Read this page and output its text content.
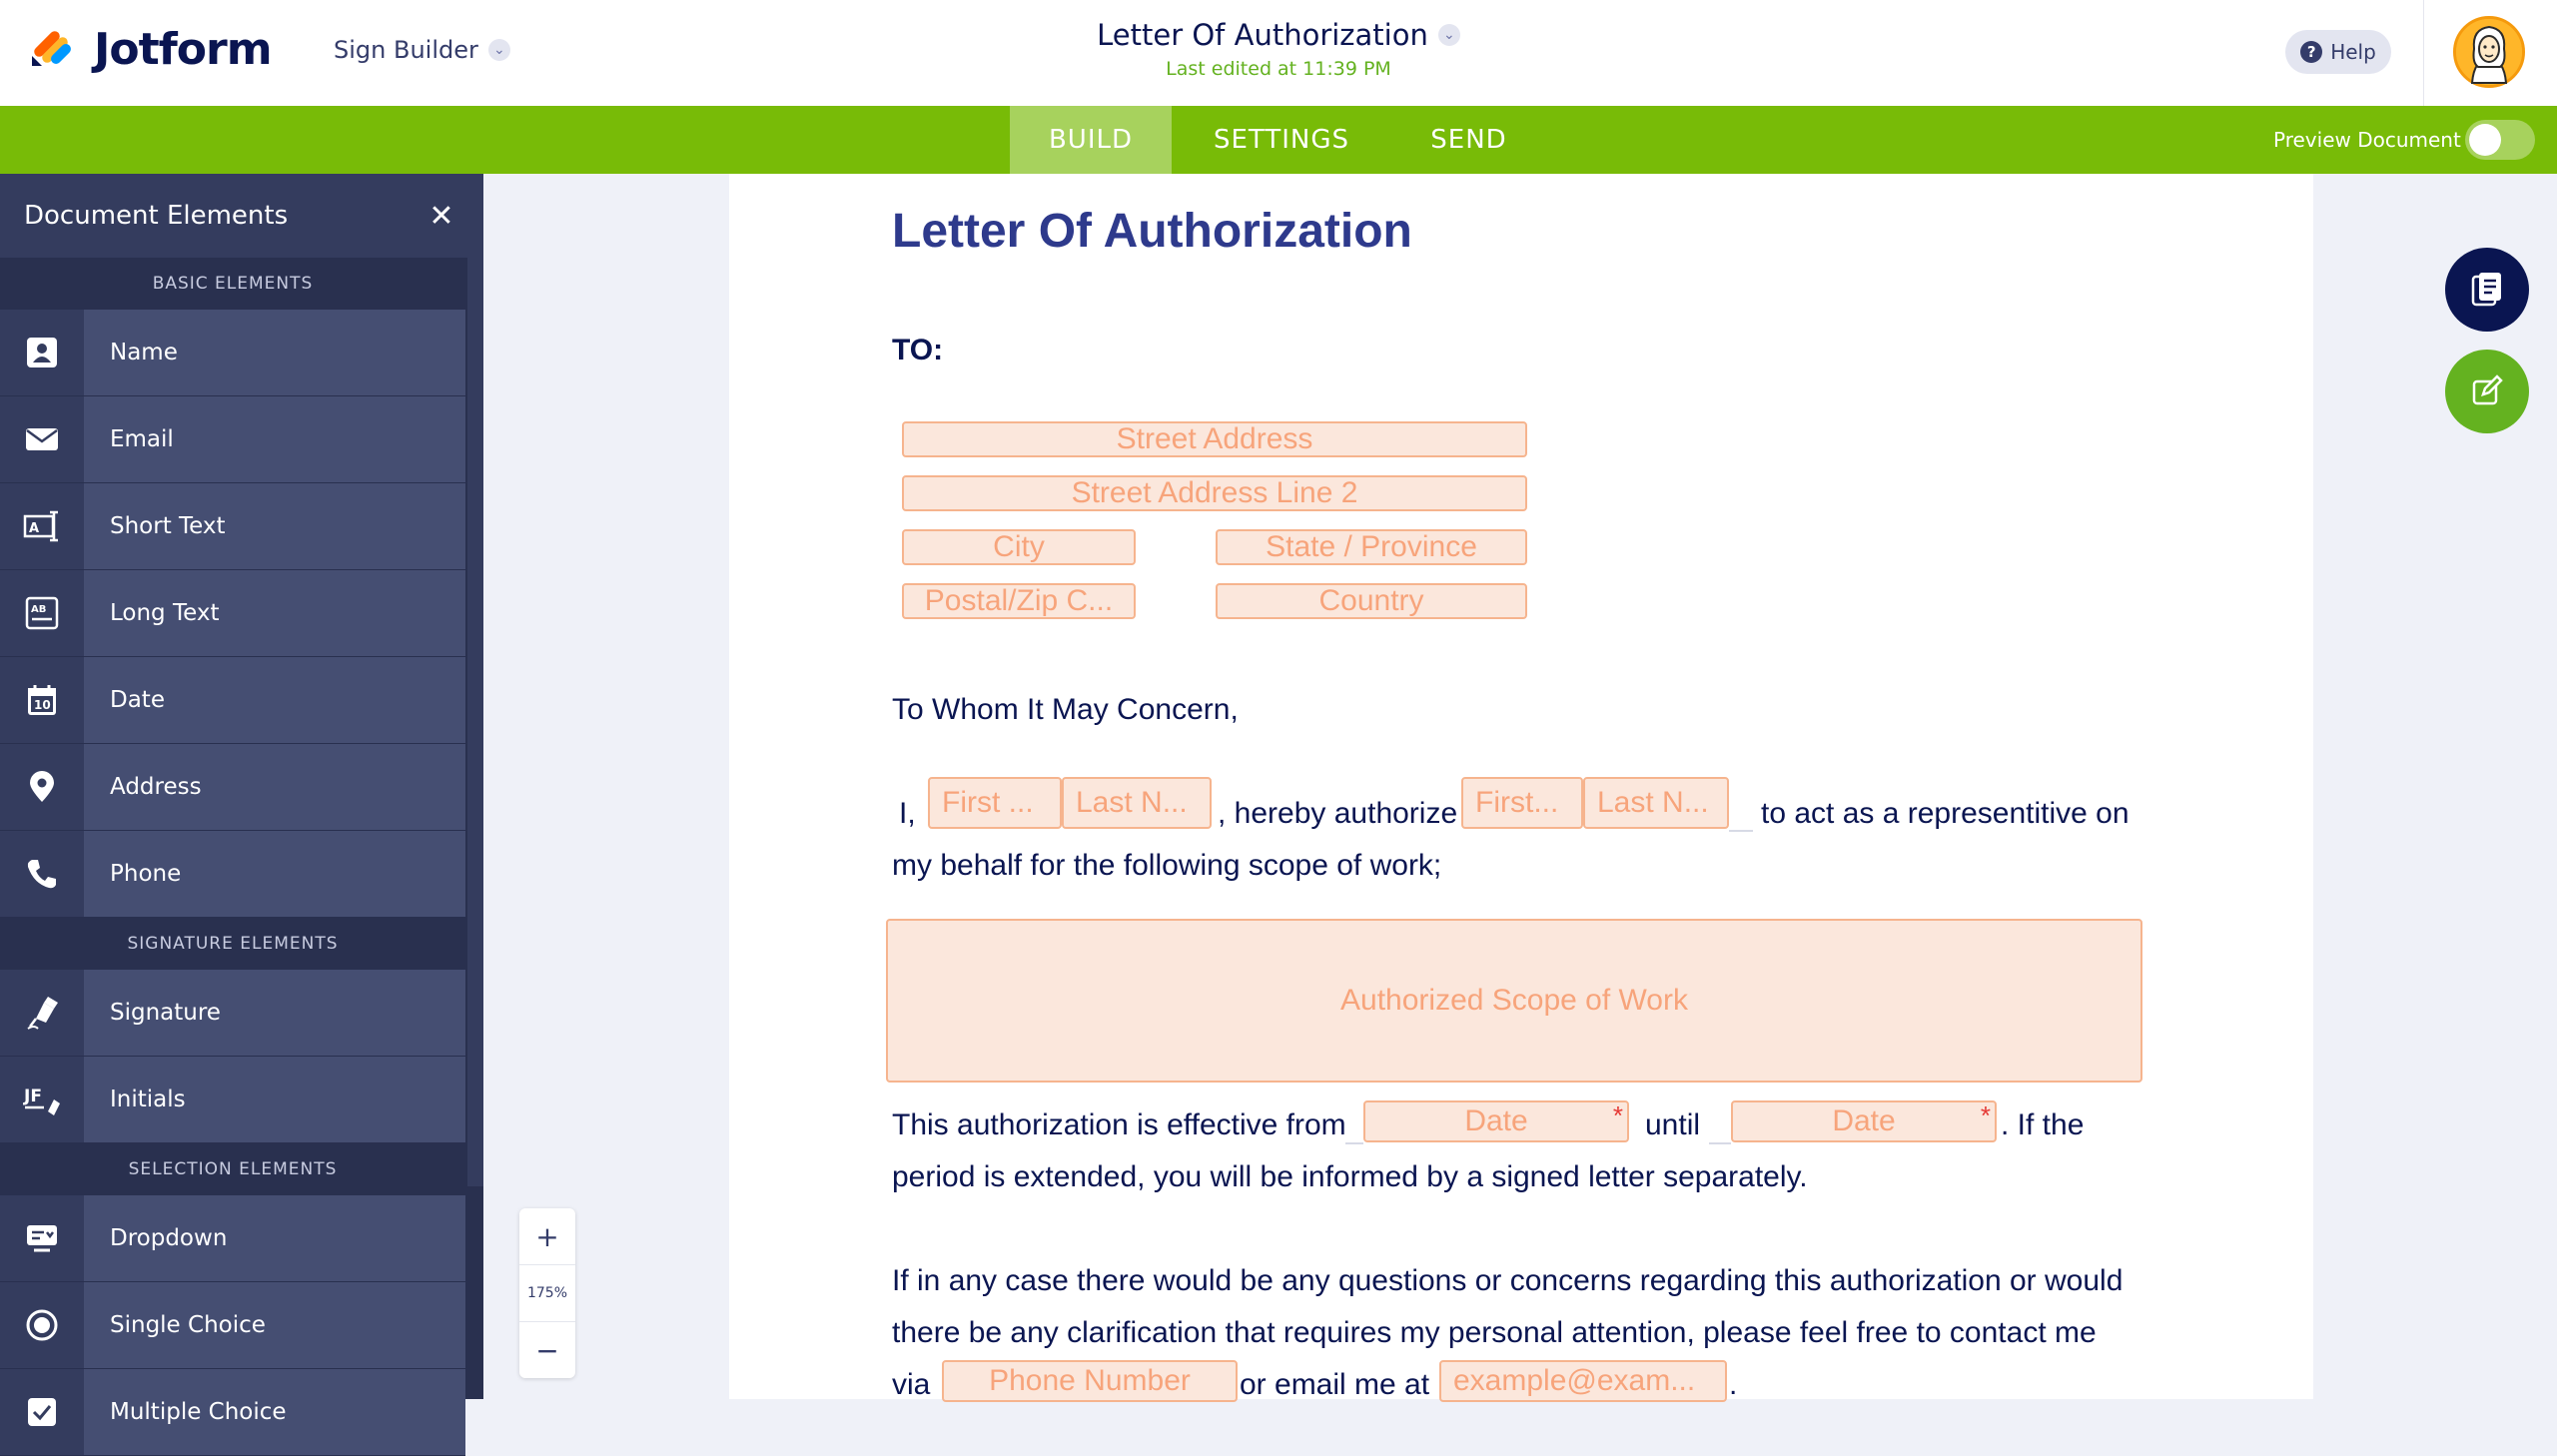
Jotform	Sign Builder	⌄	Letter Of Authorization	⌄
Last edited at 11:39 PM
? Help
BUILD	SETTINGS	SEND	Preview Document
Document Elements	✕
BASIC ELEMENTS
Name
Email
A	Short Text
AB	Long Text
10	Date
Address
Phone
SIGNATURE ELEMENTS
Signature
JF	Initials
SELECTION ELEMENTS
Dropdown
Single Choice
Multiple Choice
+
175%
−
Letter Of Authorization
TO:
Street Address
Street Address Line 2
City	State / Province
Postal/Zip C...	Country
To Whom It May Concern,
I, First ...	Last N...	, hereby authorize First...	Last N...	to act as a representitive on
my behalf for the following scope of work;
Authorized Scope of Work
This authorization is effective from	Date	* until	Date	* . If the
period is extended, you will be informed by a signed letter separately.
If in any case there would be any questions or concerns regarding this authorization or would
there be any clarification that requires my personal attention, please feel free to contact me
via	Phone Number	or email me at example@exam...	.
